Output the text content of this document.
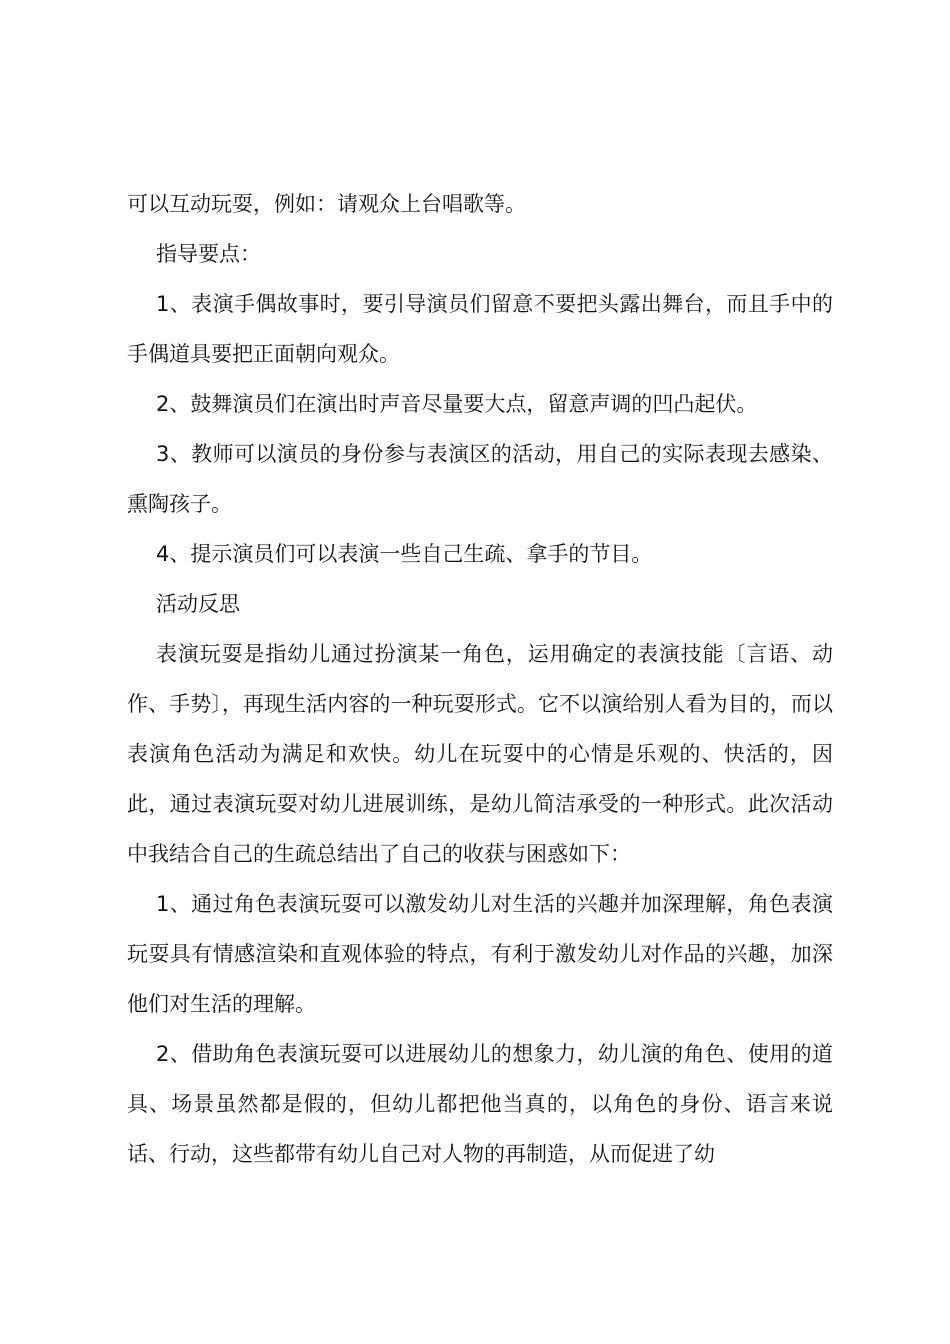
可以互动玩耍，例如：请观众上台唱歌等。

指导要点：

1、表演手偶故事时，要引导演员们留意不要把头露出舞台，而且手中的手偶道具要把正面朝向观众。

2、鼓舞演员们在演出时声音尽量要大点，留意声调的凹凸起伏。

3、教师可以演员的身份参与表演区的活动，用自己的实际表现去感染、熏陶孩子。

4、提示演员们可以表演一些自己生疏、拿手的节目。

活动反思

表演玩耍是指幼儿通过扮演某一角色，运用确定的表演技能〔言语、动作、手势〕，再现生活内容的一种玩耍形式。它不以演给别人看为目的，而以表演角色活动为满足和欢快。幼儿在玩耍中的心情是乐观的、快活的，因此，通过表演玩耍对幼儿进展训练，是幼儿简洁承受的一种形式。此次活动中我结合自己的生疏总结出了自己的收获与困惑如下：

1、通过角色表演玩耍可以激发幼儿对生活的兴趣并加深理解，角色表演玩耍具有情感渲染和直观体验的特点，有利于激发幼儿对作品的兴趣，加深他们对生活的理解。

2、借助角色表演玩耍可以进展幼儿的想象力，幼儿演的角色、使用的道具、场景虽然都是假的，但幼儿都把他当真的，以角色的身份、语言来说话、行动，这些都带有幼儿自己对人物的再制造，从而促进了幼
